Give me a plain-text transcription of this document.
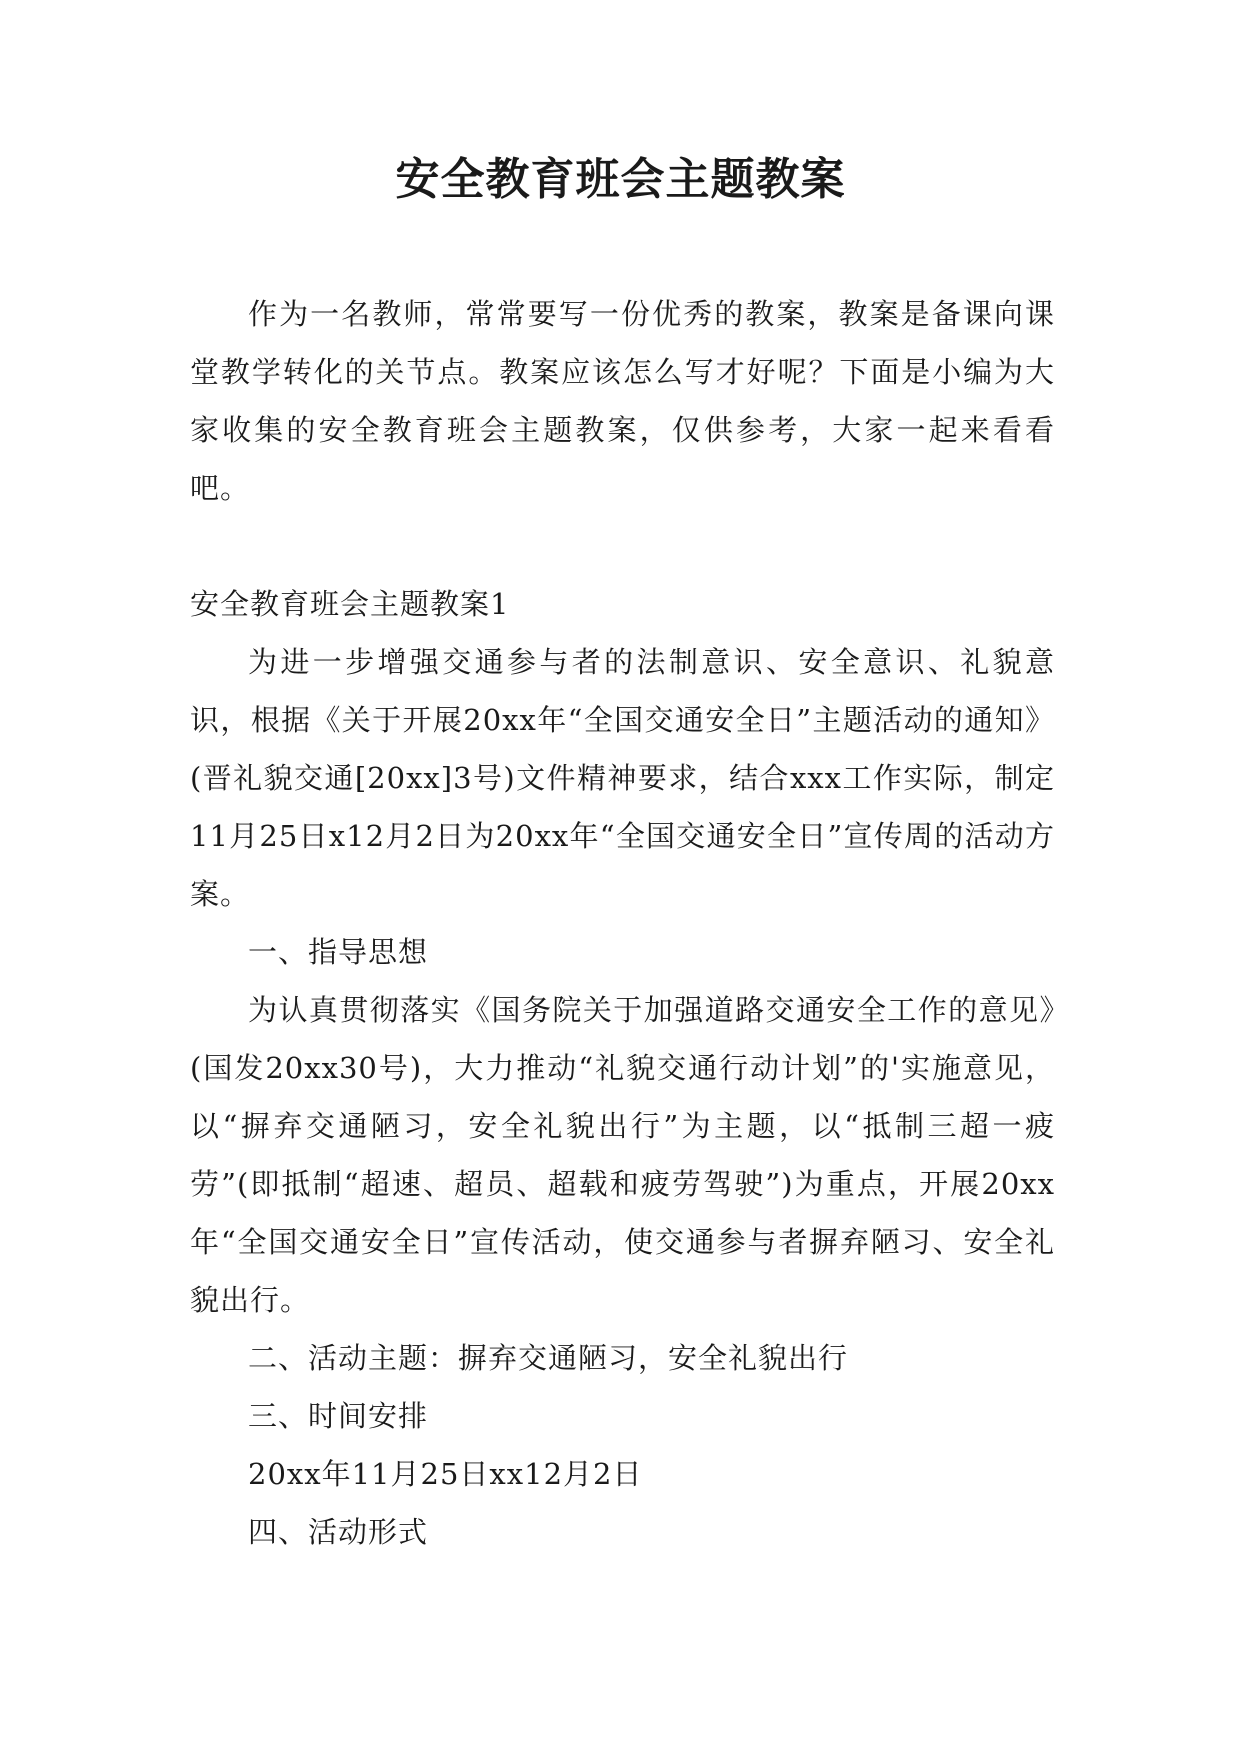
安全教育班会主题教案

作为一名教师，常常要写一份优秀的教案，教案是备课向课堂教学转化的关节点。教案应该怎么写才好呢？下面是小编为大家收集的安全教育班会主题教案，仅供参考，大家一起来看看吧。

安全教育班会主题教案1

为进一步增强交通参与者的法制意识、安全意识、礼貌意识，根据《关于开展20xx年“全国交通安全日”主题活动的通知》(晋礼貌交通[20xx]3号)文件精神要求，结合xxx工作实际，制定11月25日x12月2日为20xx年“全国交通安全日”宣传周的活动方案。

一、指导思想

为认真贯彻落实《国务院关于加强道路交通安全工作的意见》(国发20xx30号)，大力推动“礼貌交通行动计划”的'实施意见，以“摒弃交通陋习，安全礼貌出行”为主题，以“抵制三超一疲劳”(即抵制“超速、超员、超载和疲劳驾驶”)为重点，开展20xx年“全国交通安全日”宣传活动，使交通参与者摒弃陋习、安全礼貌出行。

二、活动主题：摒弃交通陋习，安全礼貌出行

三、时间安排

20xx年11月25日xx12月2日

四、活动形式
